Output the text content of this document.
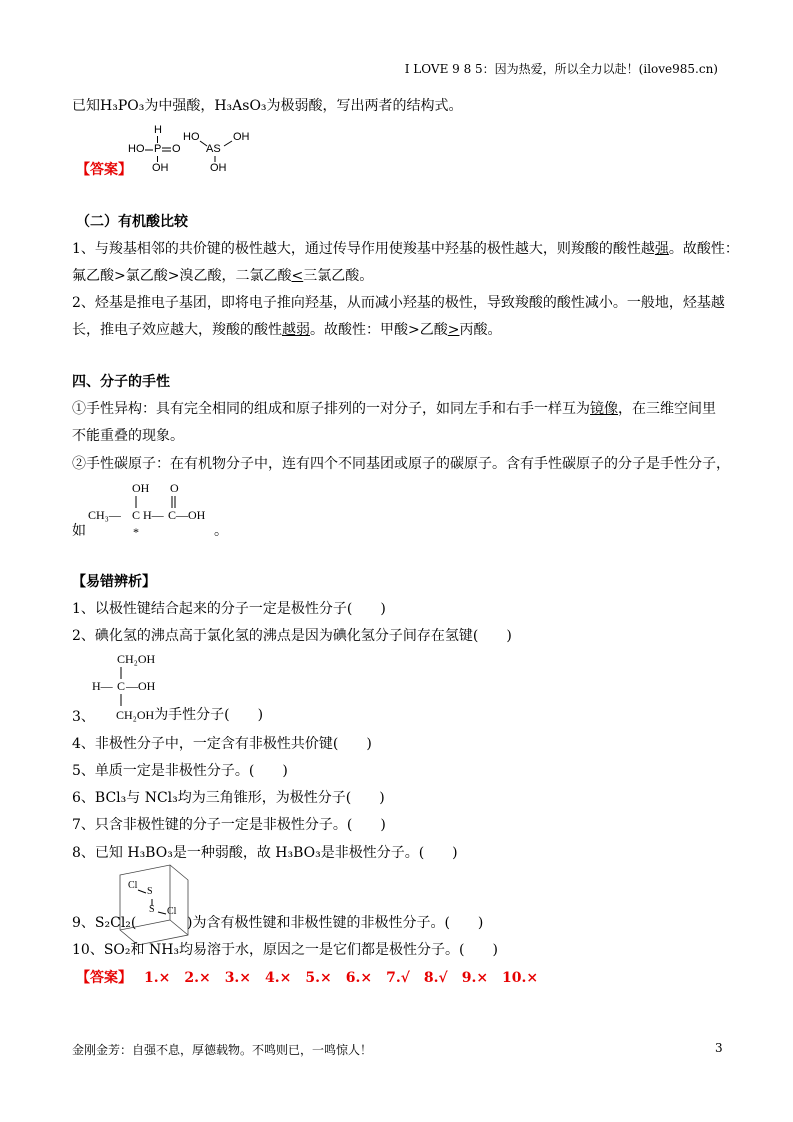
I LOVE 9 8 5：因为热爱，所以全力以赴！(ilove985.cn)
已知H₃PO₃为中强酸，H₃AsO₃为极弱酸，写出两者的结构式。
H
HO P O
OH
HO	OH
AS
OH
【答案】
（二）有机酸比较
1、与羧基相邻的共价键的极性越大，通过传导作用使羧基中羟基的极性越大，则羧酸的酸性越强。故酸性：
氟乙酸>氯乙酸>溴乙酸，二氯乙酸<三氯乙酸。
2、烃基是推电子基团，即将电子推向羟基，从而减小羟基的极性，导致羧酸的酸性减小。一般地，烃基越
长，推电子效应越大，羧酸的酸性越弱。故酸性：甲酸>乙酸>丙酸。
四、分子的手性
①手性异构：具有完全相同的组成和原子排列的一对分子，如同左手和右手一样互为镜像，在三维空间里
不能重叠的现象。
②手性碳原子：在有机物分子中，连有四个不同基团或原子的碳原子。含有手性碳原子的分子是手性分子，
OH O
CH₃— C H— C—OH
*
如	。
【易错辨析】
1、以极性键结合起来的分子一定是极性分子(　　)
2、碘化氢的沸点高于氯化氢的沸点是因为碘化氢分子间存在氢键(　　)
CH₂OH
H— C —OH
3、 CH₂OH为手性分子(　　)
4、非极性分子中，一定含有非极性共价键(　　)
5、单质一定是非极性分子。(　　)
6、BCl₃与 NCl₃均为三角锥形，为极性分子(　　)
7、只含非极性键的分子一定是非极性分子。(　　)
8、已知 H₃BO₃是一种弱酸，故 H₃BO₃是非极性分子。(　　)
Cl
S
S Cl
9、S₂Cl₂(	)为含有极性键和非极性键的非极性分子。(　　)
10、SO₂和 NH₃均易溶于水，原因之一是它们都是极性分子。(　　)
【答案】 1.×　2.×　3.×　4.×　5.×　6.×　7.√　8.√　9.×　10.×
金刚金芳：自强不息，厚德载物。不鸣则已，一鸣惊人！	3
